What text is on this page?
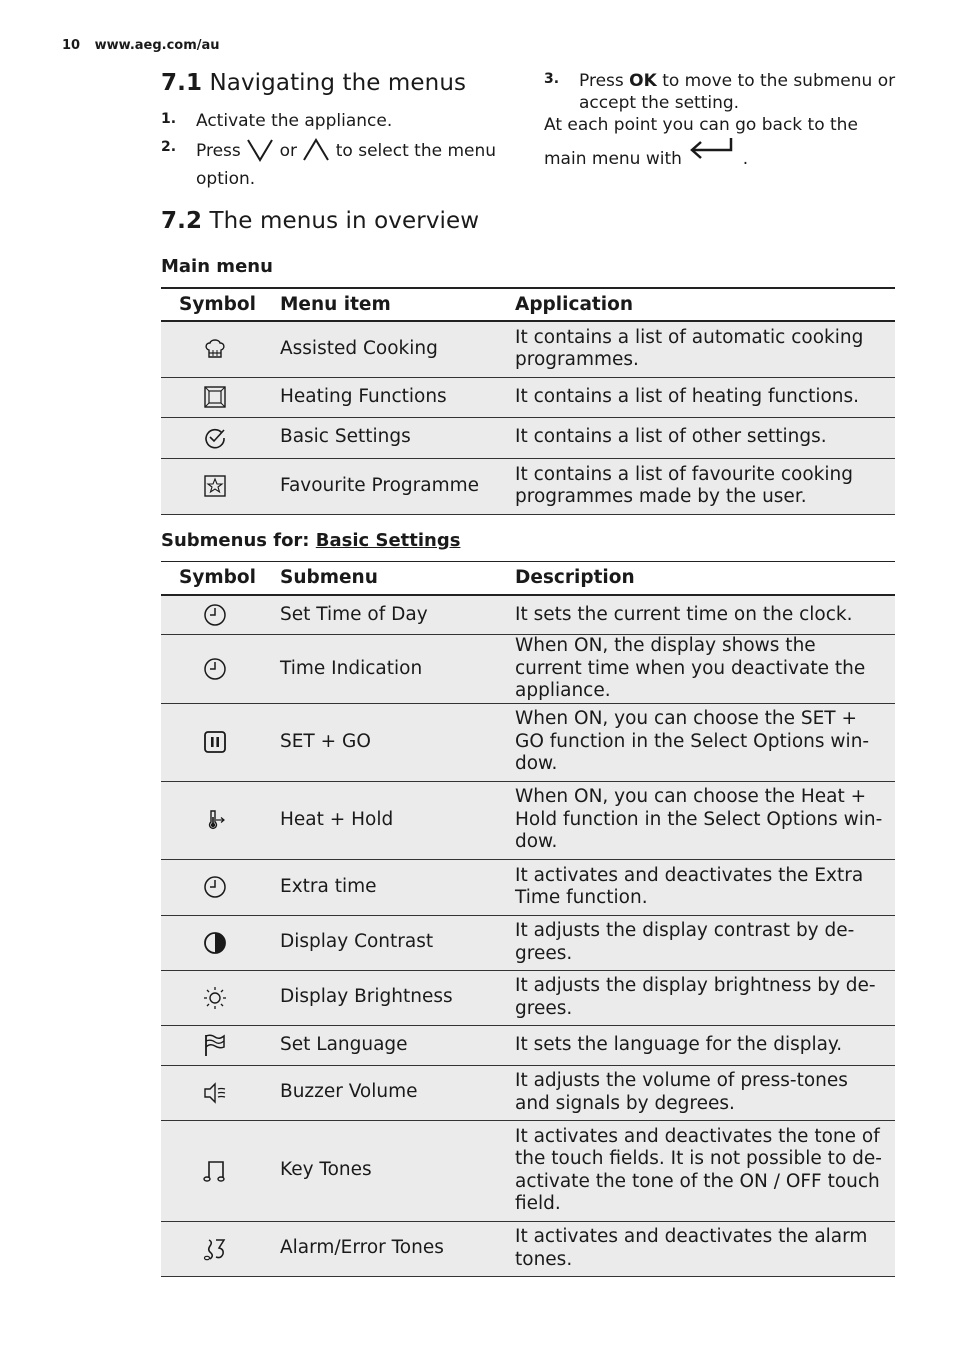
10 www.aeg.com/au
7.1 Navigating the menus
1. Activate the appliance.
2. Press or to select the menu option.
3. Press OK to move to the submenu or accept the setting.
At each point you can go back to the main menu with	.
7.2 The menus in overview
Main menu
Symbol	Menu item	Application
	Assisted Cooking	It contains a list of automatic cooking programmes.
	Heating Functions	It contains a list of heating functions.
	Basic Settings	It contains a list of other settings.
	Favourite Programme	It contains a list of favourite cooking programmes made by the user.
Submenus for: Basic Settings
Symbol	Submenu	Description
	Set Time of Day	It sets the current time on the clock.
	Time Indication	When ON, the display shows the current time when you deactivate the appliance.
	SET + GO	When ON, you can choose the SET + GO function in the Select Options win-dow.
	Heat + Hold	When ON, you can choose the Heat + Hold function in the Select Options win-dow.
	Extra time	It activates and deactivates the Extra Time function.
	Display Contrast	It adjusts the display contrast by de-grees.
	Display Brightness	It adjusts the display brightness by de-grees.
	Set Language	It sets the language for the display.
	Buzzer Volume	It adjusts the volume of press-tones and signals by degrees.
	Key Tones	It activates and deactivates the tone of the touch fields. It is not possible to de-activate the tone of the ON / OFF touch field.
	Alarm/Error Tones	It activates and deactivates the alarm tones.
